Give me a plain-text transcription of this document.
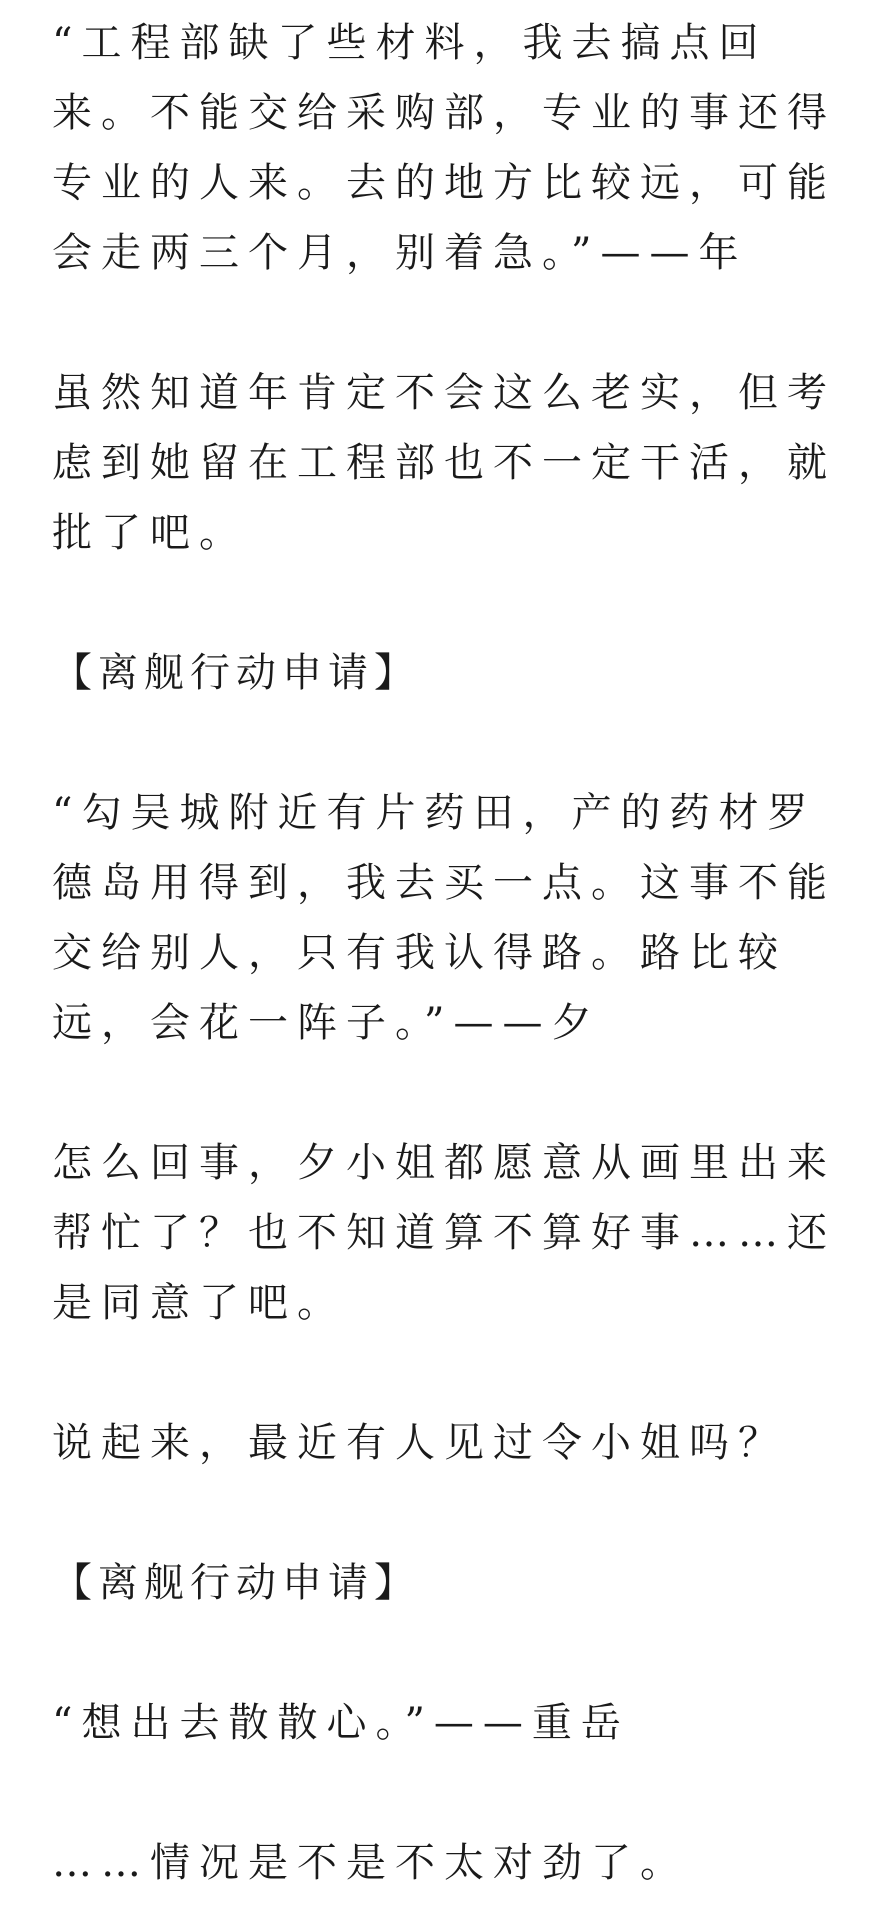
“工程部缺了些材料，我去搞点回来。不能交给采购部，专业的事还得专业的人来。去的地方比较远，可能会走两三个月，别着急。”——年

虽然知道年肯定不会这么老实，但考虑到她留在工程部也不一定干活，就批了吧。

【离舰行动申请】

“勾吴城附近有片药田，产的药材罗德岛用得到，我去买一点。这事不能交给别人，只有我认得路。路比较远，会花一阵子。”——夕

怎么回事，夕小姐都愿意从画里出来帮忙了？也不知道算不算好事……还是同意了吧。

说起来，最近有人见过令小姐吗？

【离舰行动申请】

“想出去散散心。”——重岳

……情况是不是不太对劲了。
